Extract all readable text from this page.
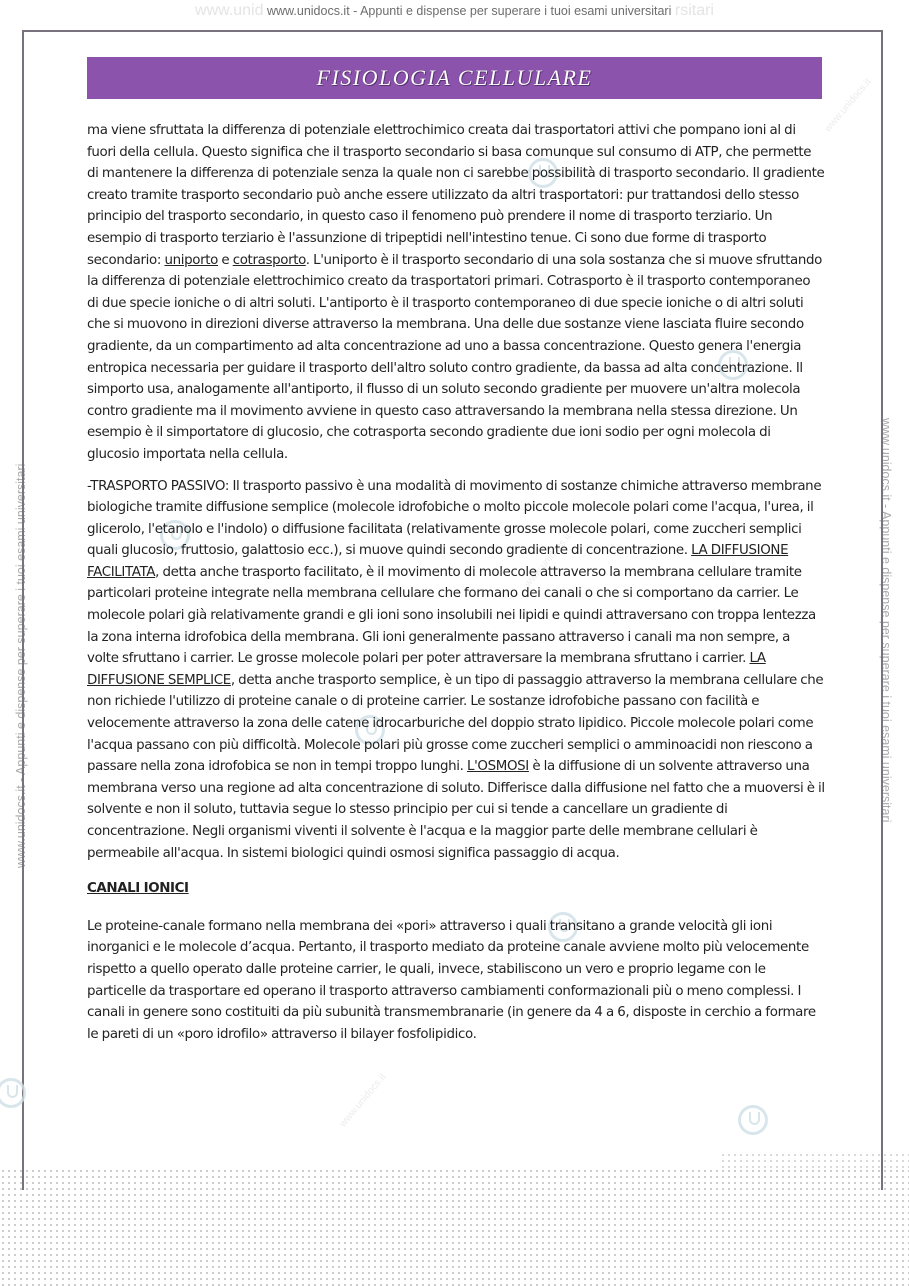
www.unid www.unidocs.it - Appunti e dispense per superare i tuoi esami universitari rsitari
www.unidocs.it - Appunti e dispense per superare i tuoi esami universitari	www.unidocs.it - Appunti e dispense per superare i tuoi esami universitari
www.unidocs.it
www.unidocs.it
www.unidocs.it
FISIOLOGIA CELLULARE

ma viene sfruttata la differenza di potenziale elettrochimico creata dai trasportatori attivi che pompano ioni al di fuori della cellula. Questo significa che il trasporto secondario si basa comunque sul consumo di ATP, che permette di mantenere la differenza di potenziale senza la quale non ci sarebbe possibilità di trasporto secondario. Il gradiente creato tramite trasporto secondario può anche essere utilizzato da altri trasportatori: pur trattandosi dello stesso principio del trasporto secondario, in questo caso il fenomeno può prendere il nome di trasporto terziario. Un esempio di trasporto terziario è l'assunzione di tripeptidi nell'intestino tenue. Ci sono due forme di trasporto secondario: uniporto e cotrasporto. L'uniporto è il trasporto secondario di una sola sostanza che si muove sfruttando la differenza di potenziale elettrochimico creato da trasportatori primari. Cotrasporto è il trasporto contemporaneo di due specie ioniche o di altri soluti. L'antiporto è il trasporto contemporaneo di due specie ioniche o di altri soluti che si muovono in direzioni diverse attraverso la membrana. Una delle due sostanze viene lasciata fluire secondo gradiente, da un compartimento ad alta concentrazione ad uno a bassa concentrazione. Questo genera l'energia entropica necessaria per guidare il trasporto dell'altro soluto contro gradiente, da bassa ad alta concentrazione. Il simporto usa, analogamente all'antiporto, il flusso di un soluto secondo gradiente per muovere un'altra molecola contro gradiente ma il movimento avviene in questo caso attraversando la membrana nella stessa direzione. Un esempio è il simportatore di glucosio, che cotrasporta secondo gradiente due ioni sodio per ogni molecola di glucosio importata nella cellula.

-TRASPORTO PASSIVO: Il trasporto passivo è una modalità di movimento di sostanze chimiche attraverso membrane biologiche tramite diffusione semplice (molecole idrofobiche o molto piccole molecole polari come l'acqua, l'urea, il glicerolo, l'etanolo e l'indolo) o diffusione facilitata (relativamente grosse molecole polari, come zuccheri semplici quali glucosio, fruttosio, galattosio ecc.), si muove quindi secondo gradiente di concentrazione. LA DIFFUSIONE FACILITATA, detta anche trasporto facilitato, è il movimento di molecole attraverso la membrana cellulare tramite particolari proteine integrate nella membrana cellulare che formano dei canali o che si comportano da carrier. Le molecole polari già relativamente grandi e gli ioni sono insolubili nei lipidi e quindi attraversano con troppa lentezza la zona interna idrofobica della membrana. Gli ioni generalmente passano attraverso i canali ma non sempre, a volte sfruttano i carrier. Le grosse molecole polari per poter attraversare la membrana sfruttano i carrier. LA DIFFUSIONE SEMPLICE, detta anche trasporto semplice, è un tipo di passaggio attraverso la membrana cellulare che non richiede l'utilizzo di proteine canale o di proteine carrier. Le sostanze idrofobiche passano con facilità e velocemente attraverso la zona delle catene idrocarburiche del doppio strato lipidico. Piccole molecole polari come l'acqua passano con più difficoltà. Molecole polari più grosse come zuccheri semplici o amminoacidi non riescono a passare nella zona idrofobica se non in tempi troppo lunghi. L'OSMOSI è la diffusione di un solvente attraverso una membrana verso una regione ad alta concentrazione di soluto. Differisce dalla diffusione nel fatto che a muoversi è il solvente e non il soluto, tuttavia segue lo stesso principio per cui si tende a cancellare un gradiente di concentrazione. Negli organismi viventi il solvente è l'acqua e la maggior parte delle membrane cellulari è permeabile all'acqua. In sistemi biologici quindi osmosi significa passaggio di acqua.

CANALI IONICI

Le proteine-canale formano nella membrana dei «pori» attraverso i quali transitano a grande velocità gli ioni inorganici e le molecole d’acqua. Pertanto, il trasporto mediato da proteine canale avviene molto più velocemente rispetto a quello operato dalle proteine carrier, le quali, invece, stabiliscono un vero e proprio legame con le particelle da trasportare ed operano il trasporto attraverso cambiamenti conformazionali più o meno complessi. I canali in genere sono costituiti da più subunità transmembranarie (in genere da 4 a 6, disposte in cerchio a formare le pareti di un «poro idrofilo» attraverso il bilayer fosfolipidico.
